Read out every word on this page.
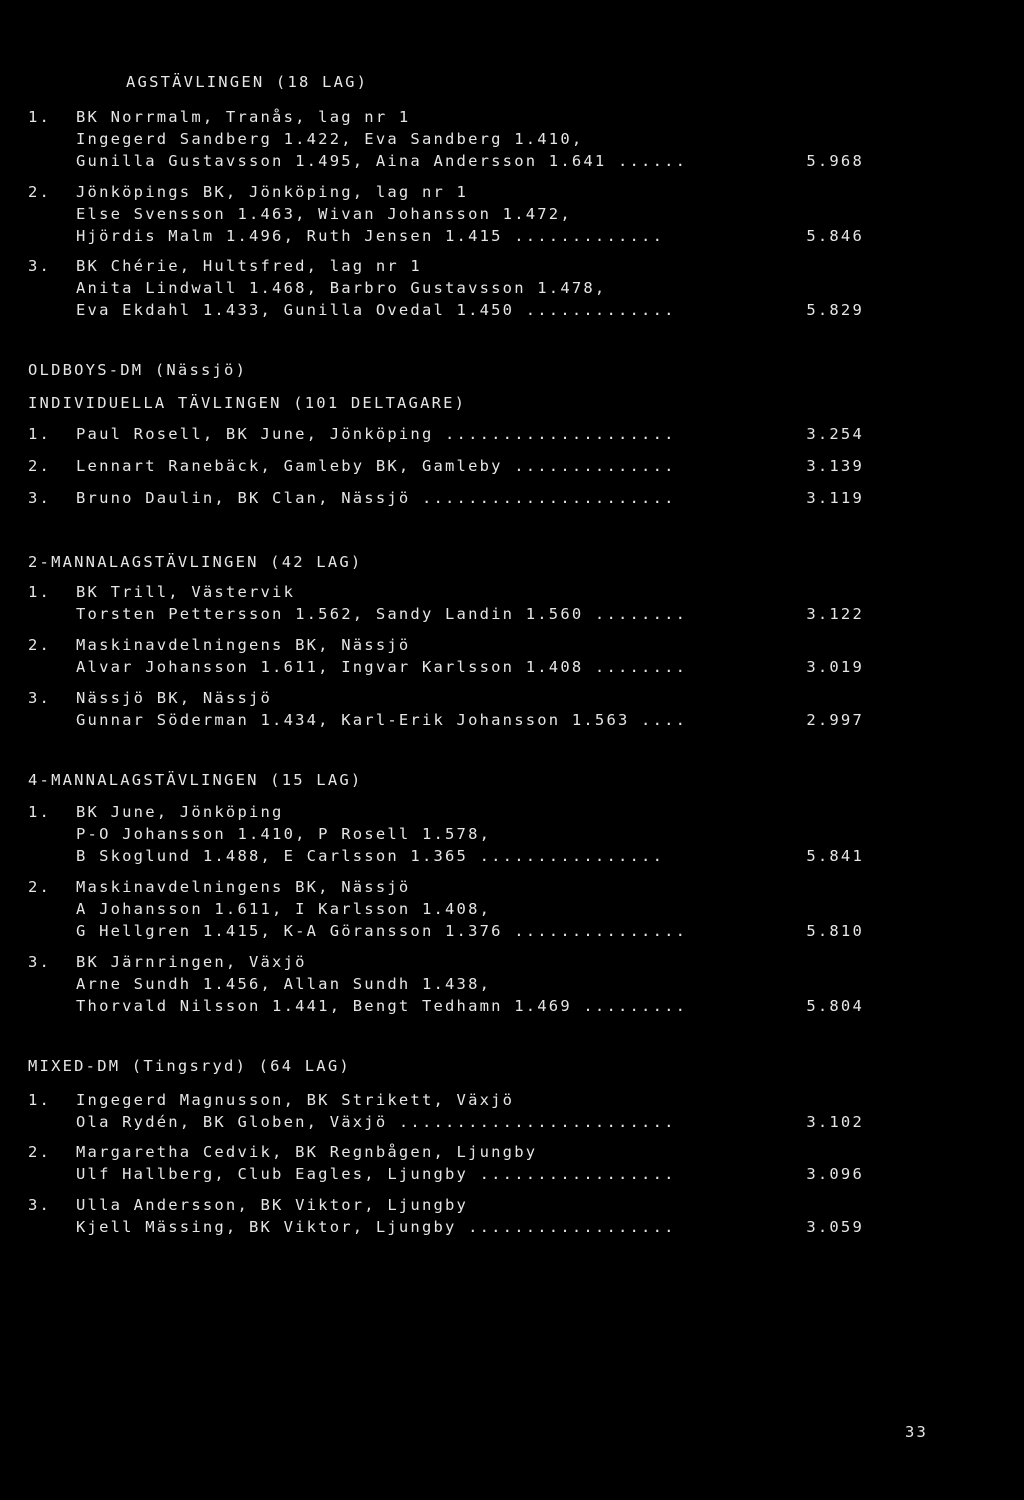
AGSTÄVLINGEN (18 LAG)
1. BK Norrmalm, Tranås, lag nr 1
Ingegerd Sandberg 1.422, Eva Sandberg 1.410,
Gunilla Gustavsson 1.495, Aina Andersson 1.641 ......	5.968
2. Jönköpings BK, Jönköping, lag nr 1
Else Svensson 1.463, Wivan Johansson 1.472,
Hjördis Malm 1.496, Ruth Jensen 1.415 .............	5.846
3. BK Chérie, Hultsfred, lag nr 1
Anita Lindwall 1.468, Barbro Gustavsson 1.478,
Eva Ekdahl 1.433, Gunilla Ovedal 1.450 .............	5.829
OLDBOYS-DM (Nässjö)
INDIVIDUELLA TÄVLINGEN (101 DELTAGARE)
1. Paul Rosell, BK June, Jönköping ....................	3.254
2. Lennart Ranebäck, Gamleby BK, Gamleby ..............	3.139
3. Bruno Daulin, BK Clan, Nässjö ......................	3.119
2-MANNALAGSTÄVLINGEN (42 LAG)
1. BK Trill, Västervik
Torsten Pettersson 1.562, Sandy Landin 1.560 ........	3.122
2. Maskinavdelningens BK, Nässjö
Alvar Johansson 1.611, Ingvar Karlsson 1.408 ........	3.019
3. Nässjö BK, Nässjö
Gunnar Söderman 1.434, Karl-Erik Johansson 1.563 ....	2.997
4-MANNALAGSTÄVLINGEN (15 LAG)
1. BK June, Jönköping
P-O Johansson 1.410, P Rosell 1.578,
B Skoglund 1.488, E Carlsson 1.365 ................	5.841
2. Maskinavdelningens BK, Nässjö
A Johansson 1.611, I Karlsson 1.408,
G Hellgren 1.415, K-A Göransson 1.376 ...............	5.810
3. BK Järnringen, Växjö
Arne Sundh 1.456, Allan Sundh 1.438,
Thorvald Nilsson 1.441, Bengt Tedhamn 1.469 .........	5.804
MIXED-DM (Tingsryd) (64 LAG)
1. Ingegerd Magnusson, BK Strikett, Växjö
Ola Rydén, BK Globen, Växjö ........................	3.102
2. Margaretha Cedvik, BK Regnbågen, Ljungby
Ulf Hallberg, Club Eagles, Ljungby .................	3.096
3. Ulla Andersson, BK Viktor, Ljungby
Kjell Mässing, BK Viktor, Ljungby ..................	3.059
33
